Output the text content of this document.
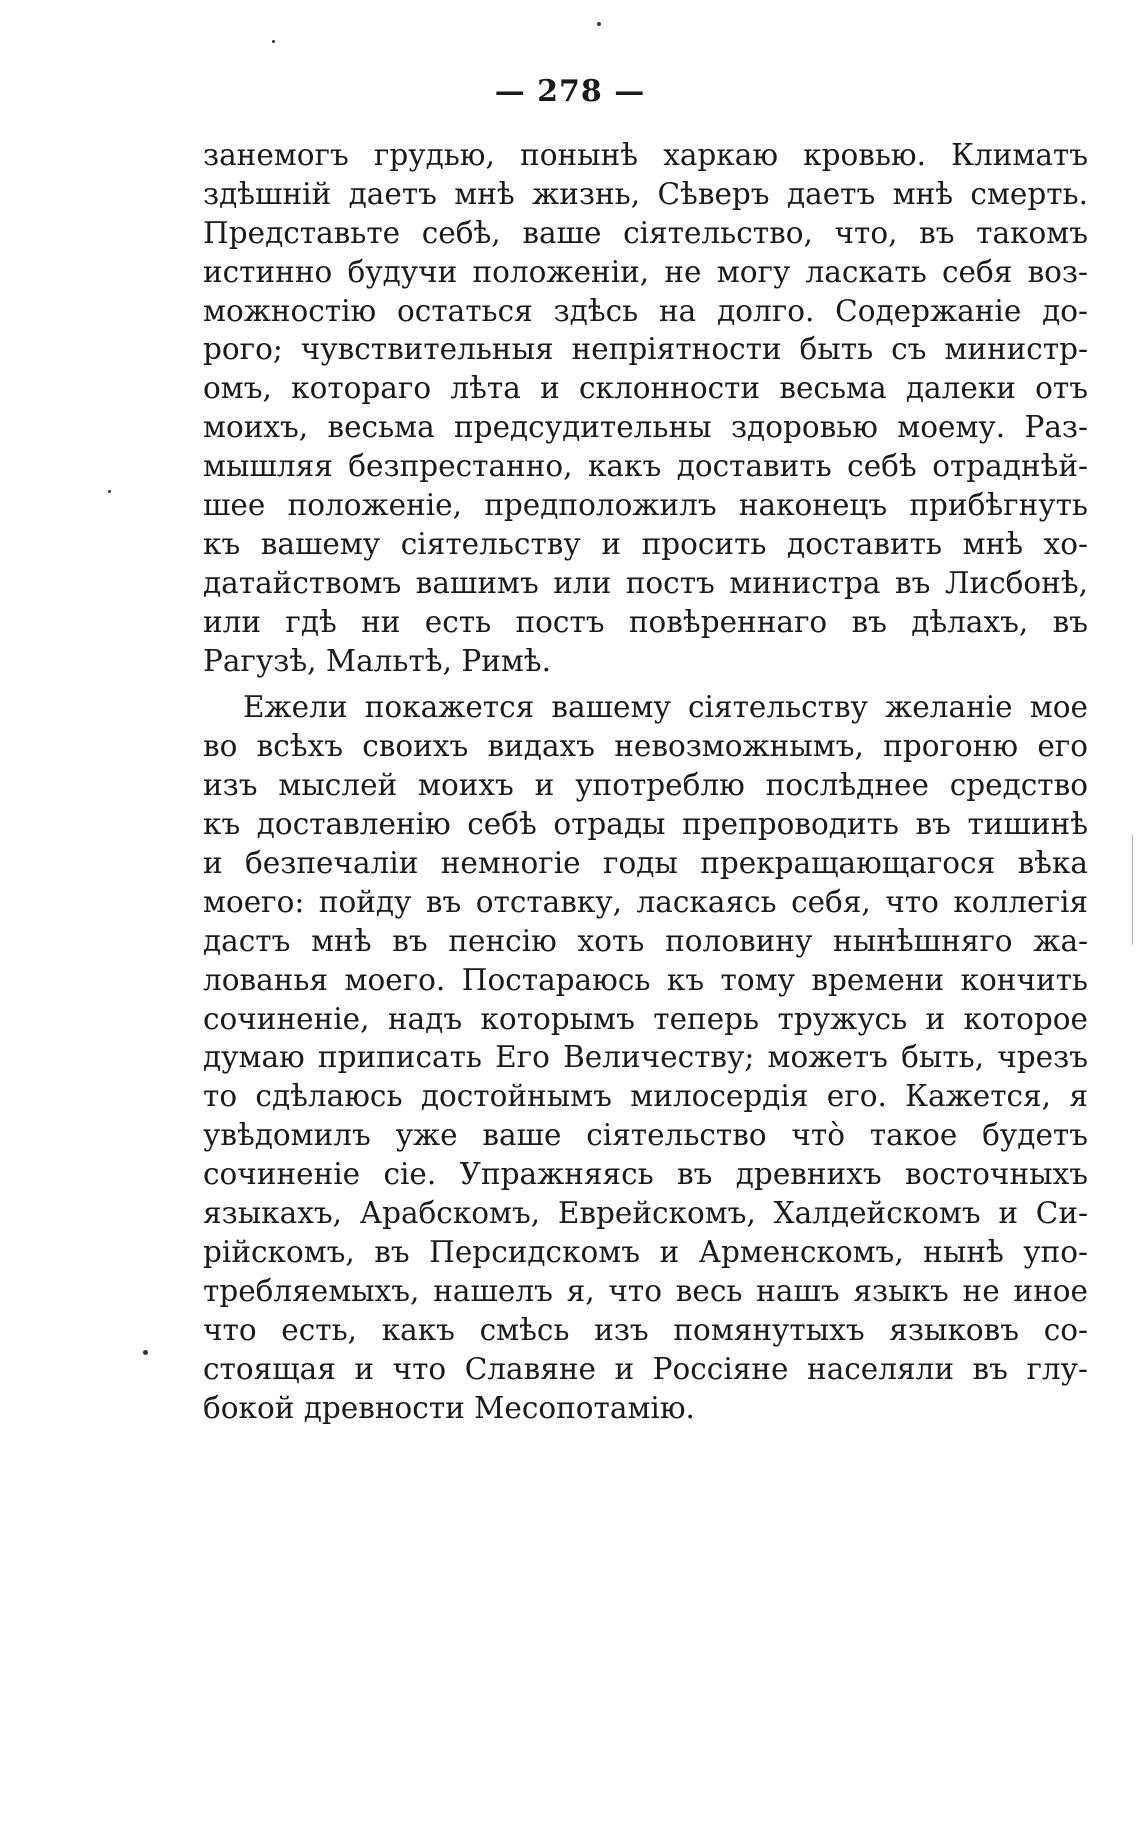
— 278 —
занемогъ грудью, понынѣ харкаю кровью. Климатъ
здѣшній даетъ мнѣ жизнь, Сѣверъ даетъ мнѣ смерть.
Представьте себѣ, ваше сіятельство, что, въ такомъ
истинно будучи положеніи, не могу ласкать себя воз-
можностію остаться здѣсь на долго. Содержаніе до-
рого; чувствительныя непріятности быть съ министр-
омъ, котораго лѣта и склонности весьма далеки отъ
моихъ, весьма предсудительны здоровью моему. Раз-
мышляя безпрестанно, какъ доставить себѣ отраднѣй-
шее положеніе, предположилъ наконецъ прибѣгнуть
къ вашему сіятельству и просить доставить мнѣ хо-
датайствомъ вашимъ или постъ министра въ Лисбонѣ,
или гдѣ ни есть постъ повѣреннаго въ дѣлахъ, въ
Рагузѣ, Мальтѣ, Римѣ.
Ежели покажется вашему сіятельству желаніе мое
во всѣхъ своихъ видахъ невозможнымъ, прогоню его
изъ мыслей моихъ и употреблю послѣднее средство
къ доставленію себѣ отрады препроводить въ тишинѣ
и безпечаліи немногіе годы прекращающагося вѣка
моего: пойду въ отставку, ласкаясь себя, что коллегія
дастъ мнѣ въ пенсію хоть половину нынѣшняго жа-
лованья моего. Постараюсь къ тому времени кончить
сочиненіе, надъ которымъ теперь тружусь и которое
думаю приписать Его Величеству; можетъ быть, чрезъ
то сдѣлаюсь достойнымъ милосердія его. Кажется, я
увѣдомилъ уже ваше сіятельство что̀ такое будетъ
сочиненіе сіе. Упражняясь въ древнихъ восточныхъ
языкахъ, Арабскомъ, Еврейскомъ, Халдейскомъ и Си-
рійскомъ, въ Персидскомъ и Арменскомъ, нынѣ упо-
требляемыхъ, нашелъ я, что весь нашъ языкъ не иное
что есть, какъ смѣсь изъ помянутыхъ языковъ со-
стоящая и что Славяне и Россіяне населяли въ глу-
бокой древности Месопотамію.
